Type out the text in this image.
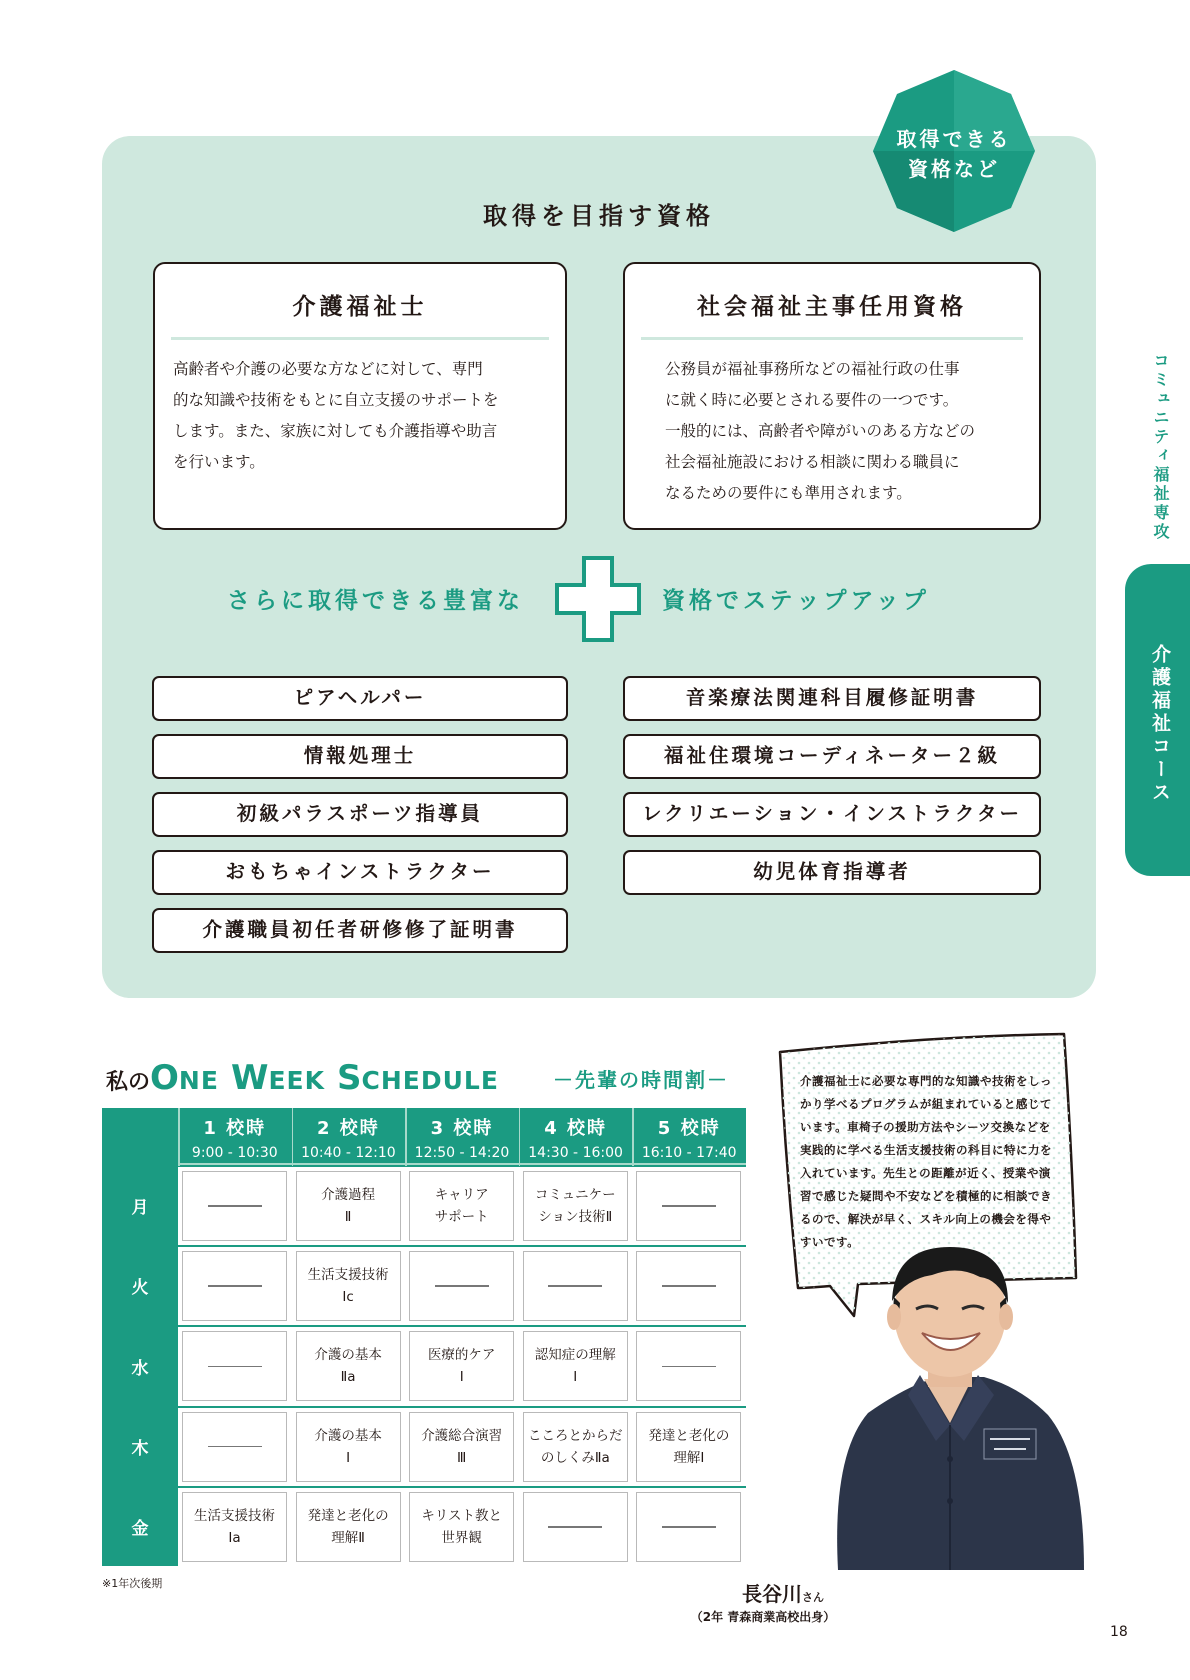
取得できる
資格など
取得を目指す資格
介護福祉士
高齢者や介護の必要な方などに対して、専門
的な知識や技術をもとに自立支援のサポートを
します。また、家族に対しても介護指導や助言
を行います。
社会福祉主事任用資格
公務員が福祉事務所などの福祉行政の仕事
に就く時に必要とされる要件の一つです。
一般的には、高齢者や障がいのある方などの
社会福祉施設における相談に関わる職員に
なるための要件にも準用されます。
さらに取得できる豊富な	資格でステップアップ
ピアヘルパー
情報処理士
初級パラスポーツ指導員
おもちゃインストラクター
介護職員初任者研修修了証明書
音楽療法関連科目履修証明書
福祉住環境コーディネーター２級
レクリエーション・インストラクター
幼児体育指導者
コミュニティ福祉専攻
介護福祉コース
私のONE WEEK SCHEDULE	－先輩の時間割－
1 校時
9:00 - 10:30
2 校時
10:40 - 12:10
3 校時
12:50 - 14:20
4 校時
14:30 - 16:00
5 校時
16:10 - 17:40
月
介護過程
Ⅱ
キャリア
サポート
コミュニケー
ション技術Ⅱ
火
生活支援技術
Ⅰc
水
介護の基本
Ⅱa
医療的ケア
Ⅰ
認知症の理解
Ⅰ
木
介護の基本
Ⅰ
介護総合演習
Ⅲ
こころとからだ
のしくみⅡa
発達と老化の
理解Ⅰ
金
生活支援技術
Ⅰa
発達と老化の
理解Ⅱ
キリスト教と
世界観
※1年次後期
介護福祉士に必要な専門的な知識や技術をしっかり学べるプログラムが組まれていると感じています。車椅子の援助方法やシーツ交換などを実践的に学べる生活支援技術の科目に特に力を入れています。先生との距離が近く、授業や演習で感じた疑問や不安などを積極的に相談できるので、解決が早く、スキル向上の機会を得やすいです。
長谷川さん
（2年 青森商業高校出身）
18
